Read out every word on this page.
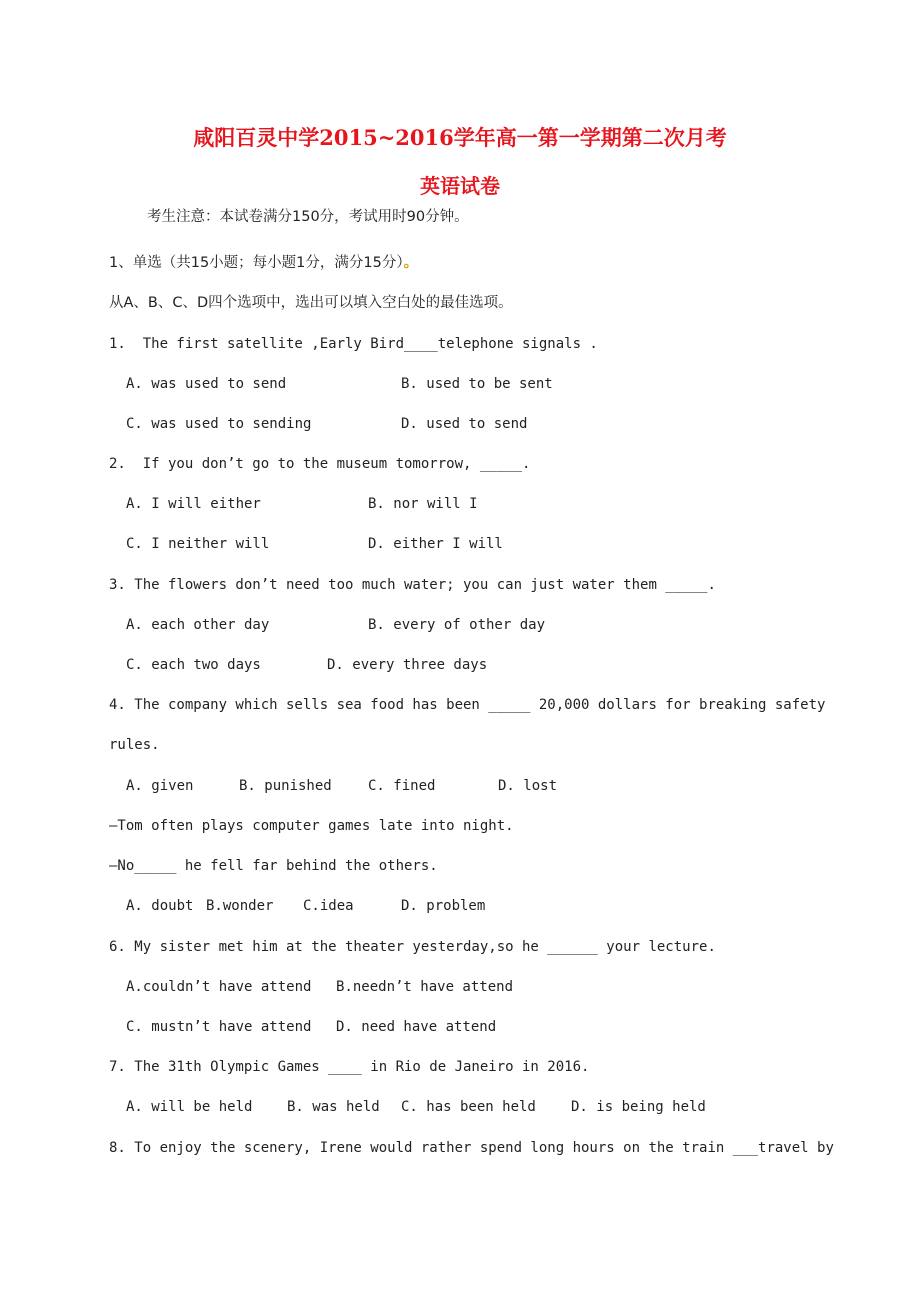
咸阳百灵中学2015~2016学年高一第一学期第二次月考
英语试卷
考生注意：本试卷满分150分，考试用时90分钟。
1、单选（共15小题；每小题1分，满分15分）。
从A、B、C、D四个选项中，选出可以填入空白处的最佳选项。
1.  The first satellite ,Early Bird____telephone signals .
A. was used to send	B. used to be sent
C. was used to sending	D. used to send
2.  If you don’t go to the museum tomorrow, _____.
A. I will either	B. nor will I
C. I neither will	D. either I will
3. The flowers don’t need too much water; you can just water them _____.
A. each other day	B. every of other day
C. each two days	D. every three days
4. The company which sells sea food has been _____ 20,000 dollars for breaking safety
rules.
A. given	B. punished	C. fined	D. lost
—Tom often plays computer games late into night.
—No_____ he fell far behind the others.
A. doubt B.wonder C.idea	D. problem
6. My sister met him at the theater yesterday,so he ______ your lecture.
A.couldn’t have attend B.needn’t have attend
C. mustn’t have attend D. need have attend
7. The 31th Olympic Games ____ in Rio de Janeiro in 2016.
A. will be held B. was held C. has been held	D. is being held
8. To enjoy the scenery, Irene would rather spend long hours on the train ___travel by
